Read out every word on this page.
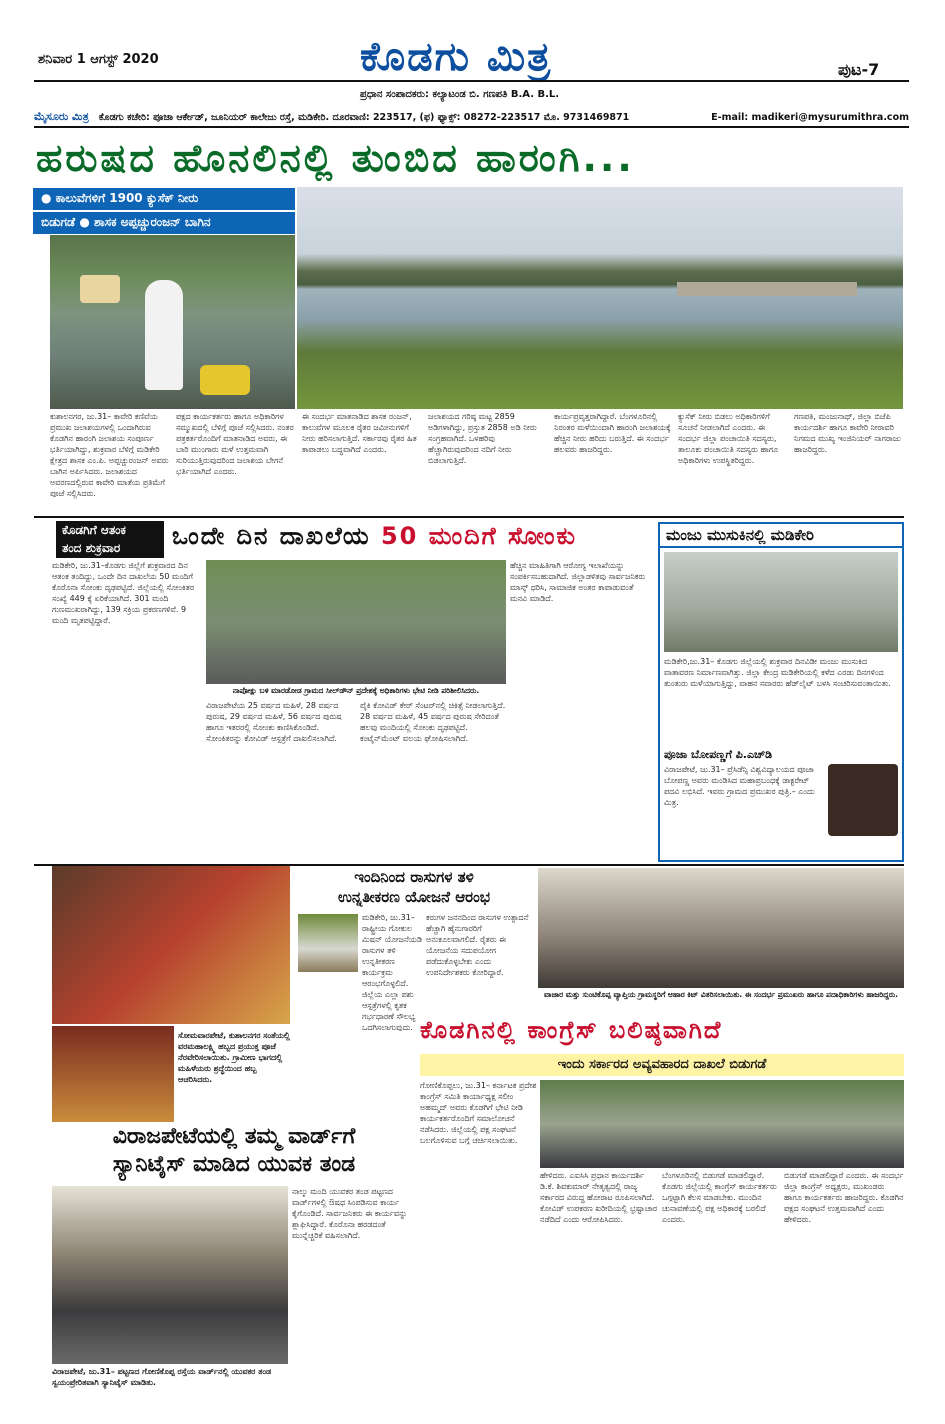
ಶನಿವಾರ 1 ಆಗಸ್ಟ್ 2020	ಕೊಡಗು ಮಿತ್ರ
ಪ್ರಧಾನ ಸಂಪಾದಕರು: ಕಲ್ಯಾಟಂಡ ಬಿ. ಗಣಪತಿ B.A. B.L.
ಪುಟ-7
ಮೈಸೂರು ಮಿತ್ರ ಕೊಡಗು ಕಚೇರಿ: ಪೂಜಾ ಆರ್ಕೇಡ್, ಜೂನಿಯರ್ ಕಾಲೇಜು ರಸ್ತೆ, ಮಡಿಕೇರಿ. ದೂರವಾಣಿ: 223517, (ಫ) ಫ್ಯಾಕ್ಸ್: 08272-223517 ಮೊ. 9731469871	E-mail: madikeri@mysurumithra.com
ಹರುಷದ ಹೊನಲಿನಲ್ಲಿ ತುಂಬಿದ ಹಾರಂಗಿ...
● ಕಾಲುವೆಗಳಿಗೆ 1900 ಕ್ಯುಸೆಕ್ ನೀರು
ಬಿಡುಗಡೆ ● ಶಾಸಕ ಅಪ್ಪಚ್ಚುರಂಜನ್ ಬಾಗಿನ
ಕುಶಾಲನಗರ, ಜು.31– ಕಾವೇರಿ ಕಣಿವೆಯ ಪ್ರಮುಖ ಜಲಾಶಯಗಳಲ್ಲಿ ಒಂದಾಗಿರುವ ಕೊಡಗಿನ ಹಾರಂಗಿ ಜಲಾಶಯ ಸಂಪೂರ್ಣ ಭರ್ತಿಯಾಗಿದ್ದು, ಶುಕ್ರವಾರ ಬೆಳಿಗ್ಗೆ ಮಡಿಕೇರಿ ಕ್ಷೇತ್ರದ ಶಾಸಕ ಎಂ.ಪಿ. ಅಪ್ಪಚ್ಚುರಂಜನ್ ಅವರು ಬಾಗಿನ ಅರ್ಪಿಸಿದರು. ಜಲಾಶಯದ ಅವರಣದಲ್ಲಿರುವ ಕಾವೇರಿ ಮಾತೆಯ ಪ್ರತಿಮೆಗೆ ಪೂಜೆ ಸಲ್ಲಿಸಿದರು.
ಪಕ್ಷದ ಕಾರ್ಯಕರ್ತರು ಹಾಗೂ ಅಧಿಕಾರಿಗಳ ಸಮ್ಮುಖದಲ್ಲಿ ಬೆಳಿಗ್ಗೆ ಪೂಜೆ ಸಲ್ಲಿಸಿದರು. ನಂತರ ಪತ್ರಕರ್ತರೊಂದಿಗೆ ಮಾತನಾಡಿದ ಅವರು, ಈ ಬಾರಿ ಮುಂಗಾರು ಮಳೆ ಉತ್ತಮವಾಗಿ ಸುರಿಯುತ್ತಿರುವುದರಿಂದ ಜಲಾಶಯ ಬೇಗನೆ ಭರ್ತಿಯಾಗಿದೆ ಎಂದರು.
ಈ ಸಂದರ್ಭ ಮಾತನಾಡಿದ ಶಾಸಕ ರಂಜನ್, ಕಾಲುವೆಗಳ ಮೂಲಕ ರೈತರ ಜಮೀನುಗಳಿಗೆ ನೀರು ಹರಿಸಲಾಗುತ್ತಿದೆ. ಸರ್ಕಾರವು ರೈತರ ಹಿತ ಕಾಪಾಡಲು ಬದ್ಧವಾಗಿದೆ ಎಂದರು.
ಜಲಾಶಯದ ಗರಿಷ್ಠ ಮಟ್ಟ 2859 ಅಡಿಗಳಾಗಿದ್ದು, ಪ್ರಸ್ತುತ 2858 ಅಡಿ ನೀರು ಸಂಗ್ರಹವಾಗಿದೆ. ಒಳಹರಿವು ಹೆಚ್ಚಾಗಿರುವುದರಿಂದ ನದಿಗೆ ನೀರು ಬಿಡಲಾಗುತ್ತಿದೆ.
ಕಾರ್ಯಪ್ರವೃತ್ತರಾಗಿದ್ದಾರೆ. ಬೆಂಗಳೂರಿನಲ್ಲಿ ನಿರಂತರ ಮಳೆಯಿಂದಾಗಿ ಹಾರಂಗಿ ಜಲಾಶಯಕ್ಕೆ ಹೆಚ್ಚಿನ ನೀರು ಹರಿದು ಬರುತ್ತಿದೆ. ಈ ಸಂದರ್ಭ ಹಲವರು ಹಾಜರಿದ್ದರು.
ಕ್ಯುಸೆಕ್ ನೀರು ಬಿಡಲು ಅಧಿಕಾರಿಗಳಿಗೆ ಸೂಚನೆ ನೀಡಲಾಗಿದೆ ಎಂದರು. ಈ ಸಂದರ್ಭ ಜಿಲ್ಲಾ ಪಂಚಾಯಿತಿ ಸದಸ್ಯರು, ತಾಲೂಕು ಪಂಚಾಯಿತಿ ಸದಸ್ಯರು ಹಾಗೂ ಅಧಿಕಾರಿಗಳು ಉಪಸ್ಥಿತರಿದ್ದರು.
ಗಣಪತಿ, ಮಂಜುನಾಥ್, ಜಿಲ್ಲಾ ಬಿಜೆಪಿ ಕಾರ್ಯದರ್ಶಿ ಹಾಗೂ ಕಾವೇರಿ ನೀರಾವರಿ ನಿಗಮದ ಮುಖ್ಯ ಇಂಜಿನಿಯರ್ ನಾಗರಾಜು ಹಾಜರಿದ್ದರು.
ಕೊಡಗಿಗೆ ಆತಂಕ
ತಂದ ಶುಕ್ರವಾರ	ಒಂದೇ ದಿನ ದಾಖಲೆಯ 50 ಮಂದಿಗೆ ಸೋಂಕು
ಮಡಿಕೇರಿ, ಜು.31–ಕೊಡಗು ಜಿಲ್ಲೆಗೆ ಶುಕ್ರವಾರದ ದಿನ ಆತಂಕ ತಂದಿದ್ದು, ಒಂದೇ ದಿನ ದಾಖಲೆಯ 50 ಮಂದಿಗೆ ಕೊರೊನಾ ಸೋಂಕು ದೃಢಪಟ್ಟಿದೆ. ಜಿಲ್ಲೆಯಲ್ಲಿ ಸೋಂಕಿತರ ಸಂಖ್ಯೆ 449 ಕ್ಕೆ ಏರಿಕೆಯಾಗಿದೆ. 301 ಮಂದಿ ಗುಣಮುಖರಾಗಿದ್ದು, 139 ಸಕ್ರಿಯ ಪ್ರಕರಣಗಳಿವೆ. 9 ಮಂದಿ ಮೃತಪಟ್ಟಿದ್ದಾರೆ.
ನಾಪೋಕ್ಲು ಬಳಿ ಮಾರಡೋಡ ಗ್ರಾಮದ ಸೀಲ್‌ಡೌನ್ ಪ್ರದೇಶಕ್ಕೆ ಅಧಿಕಾರಿಗಳು ಭೇಟಿ ನೀಡಿ ಪರಿಶೀಲಿಸಿದರು.
ವಿರಾಜಪೇಟೆಯ 25 ವರ್ಷದ ಮಹಿಳೆ, 28 ವರ್ಷದ ಪುರುಷ, 29 ವರ್ಷದ ಮಹಿಳೆ, 56 ವರ್ಷದ ಪುರುಷ ಹಾಗೂ ಇತರರಲ್ಲಿ ಸೋಂಕು ಕಾಣಿಸಿಕೊಂಡಿದೆ. ಸೋಂಕಿತರನ್ನು ಕೋವಿಡ್ ಆಸ್ಪತ್ರೆಗೆ ದಾಖಲಿಸಲಾಗಿದೆ.
ಪೈಕಿ ಕೋವಿಡ್ ಕೇರ್ ಸೆಂಟರ್‌ನಲ್ಲಿ ಚಿಕಿತ್ಸೆ ನೀಡಲಾಗುತ್ತಿದೆ. 28 ವರ್ಷದ ಮಹಿಳೆ, 45 ವರ್ಷದ ಪುರುಷ ಸೇರಿದಂತೆ ಹಲವು ಮಂದಿಯಲ್ಲಿ ಸೋಂಕು ದೃಢಪಟ್ಟಿದೆ. ಕಂಟೈನ್‌ಮೆಂಟ್ ವಲಯ ಘೋಷಿಸಲಾಗಿದೆ.
ಹೆಚ್ಚಿನ ಮಾಹಿತಿಗಾಗಿ ಆರೋಗ್ಯ ಇಲಾಖೆಯನ್ನು ಸಂಪರ್ಕಿಸಬಹುದಾಗಿದೆ. ಜಿಲ್ಲಾಡಳಿತವು ಸಾರ್ವಜನಿಕರು ಮಾಸ್ಕ್ ಧರಿಸಿ, ಸಾಮಾಜಿಕ ಅಂತರ ಕಾಪಾಡುವಂತೆ ಮನವಿ ಮಾಡಿದೆ.
ಮಂಜು ಮುಸುಕಿನಲ್ಲಿ ಮಡಿಕೇರಿ
ಮಡಿಕೇರಿ,ಜು.31– ಕೊಡಗು ಜಿಲ್ಲೆಯಲ್ಲಿ ಶುಕ್ರವಾರ ದಿನವಿಡೀ ಮಂಜು ಮುಸುಕಿದ ವಾತಾವರಣ ನಿರ್ಮಾಣವಾಗಿತ್ತು. ಜಿಲ್ಲಾ ಕೇಂದ್ರ ಮಡಿಕೇರಿಯಲ್ಲಿ ಕಳೆದ ಎರಡು ದಿನಗಳಿಂದ ತುಂತುರು ಮಳೆಯಾಗುತ್ತಿದ್ದು, ವಾಹನ ಸವಾರರು ಹೆಡ್‌ಲೈಟ್ ಬಳಸಿ ಸಂಚರಿಸುವಂತಾಯಿತು.
ಪೂಜಾ ಬೋಪಣ್ಣಗೆ ಪಿ.ಎಚ್‌ಡಿ
ವಿರಾಜಪೇಟೆ, ಜು.31– ಪ್ರೆಸಿಡೆನ್ಸಿ ವಿಶ್ವವಿದ್ಯಾಲಯದ ಪೂಜಾ ಬೋಪಣ್ಣ ಅವರು ಮಂಡಿಸಿದ ಮಹಾಪ್ರಬಂಧಕ್ಕೆ ಡಾಕ್ಟರೇಟ್ ಪದವಿ ಲಭಿಸಿದೆ. ಇವರು ಗ್ರಾಮದ ಪ್ರಮುಖರ ಪುತ್ರಿ.– ಎಂದು ಮಿತ್ರ.
ಸೋಮವಾರಪೇಟೆ, ಕುಶಾಲನಗರ ಸಂತೆಯಲ್ಲಿ ವರಮಹಾಲಕ್ಷ್ಮಿ ಹಬ್ಬದ ಪ್ರಯುಕ್ತ ಪೂಜೆ ನೆರವೇರಿಸಲಾಯಿತು. ಗ್ರಾಮೀಣ ಭಾಗದಲ್ಲಿ ಮಹಿಳೆಯರು ಶ್ರದ್ಧೆಯಿಂದ ಹಬ್ಬ ಆಚರಿಸಿದರು.
ಇಂದಿನಿಂದ ರಾಸುಗಳ ತಳಿ
ಉನ್ನತೀಕರಣ ಯೋಜನೆ ಆರಂಭ
ಮಡಿಕೇರಿ, ಜು.31– ರಾಷ್ಟ್ರೀಯ ಗೋಕುಲ ಮಿಷನ್ ಯೋಜನೆಯಡಿ ರಾಸುಗಳ ತಳಿ ಉನ್ನತೀಕರಣ ಕಾರ್ಯಕ್ರಮ ಆರಂಭಗೊಳ್ಳಲಿದೆ. ಜಿಲ್ಲೆಯ ಎಲ್ಲಾ ಪಶು ಆಸ್ಪತ್ರೆಗಳಲ್ಲಿ ಕೃತಕ ಗರ್ಭಧಾರಣೆ ಸೌಲಭ್ಯ ಒದಗಿಸಲಾಗುವುದು.
ಕರುಗಳ ಜನನದಿಂದ ರಾಸುಗಳ ಉತ್ಪಾದನೆ ಹೆಚ್ಚಾಗಿ ಹೈನುಗಾರರಿಗೆ ಅನುಕೂಲವಾಗಲಿದೆ. ರೈತರು ಈ ಯೋಜನೆಯ ಸದುಪಯೋಗ ಪಡೆದುಕೊಳ್ಳಬೇಕು ಎಂದು ಉಪನಿರ್ದೇಶಕರು ಕೋರಿದ್ದಾರೆ.
ವಾಜಾರ ಮತ್ತು ಸುಂಟಿಕೊಪ್ಪ ವ್ಯಾಪ್ತಿಯ ಗ್ರಾಮಸ್ಥರಿಗೆ ಆಹಾರ ಕಿಟ್ ವಿತರಿಸಲಾಯಿತು. ಈ ಸಂದರ್ಭ ಪ್ರಮುಖರು ಹಾಗೂ ಪದಾಧಿಕಾರಿಗಳು ಹಾಜರಿದ್ದರು.
ಕೊಡಗಿನಲ್ಲಿ ಕಾಂಗ್ರೆಸ್ ಬಲಿಷ್ಠವಾಗಿದೆ
ಇಂದು ಸರ್ಕಾರದ ಅವ್ಯವಹಾರದ ದಾಖಲೆ ಬಿಡುಗಡೆ
ಗೋಣಿಕೊಪ್ಪಲು, ಜು.31– ಕರ್ನಾಟಕ ಪ್ರದೇಶ ಕಾಂಗ್ರೆಸ್ ಸಮಿತಿ ಕಾರ್ಯಾಧ್ಯಕ್ಷ ಸಲೀಂ ಅಹಮ್ಮದ್ ಅವರು ಕೊಡಗಿಗೆ ಭೇಟಿ ನೀಡಿ ಕಾರ್ಯಕರ್ತರೊಂದಿಗೆ ಸಮಾಲೋಚನೆ ನಡೆಸಿದರು. ಜಿಲ್ಲೆಯಲ್ಲಿ ಪಕ್ಷ ಸಂಘಟನೆ ಬಲಗೊಳಿಸುವ ಬಗ್ಗೆ ಚರ್ಚಿಸಲಾಯಿತು.
ಹೇಳಿದರು. ಎಐಸಿಸಿ ಪ್ರಧಾನ ಕಾರ್ಯದರ್ಶಿ ಡಿ.ಕೆ. ಶಿವಕುಮಾರ್ ನೇತೃತ್ವದಲ್ಲಿ ರಾಜ್ಯ ಸರ್ಕಾರದ ವಿರುದ್ಧ ಹೋರಾಟ ರೂಪಿಸಲಾಗಿದೆ. ಕೋವಿಡ್ ಉಪಕರಣ ಖರೀದಿಯಲ್ಲಿ ಭ್ರಷ್ಟಾಚಾರ ನಡೆದಿದೆ ಎಂದು ಆರೋಪಿಸಿದರು.
ಬೆಂಗಳೂರಿನಲ್ಲಿ ಬಿಡುಗಡೆ ಮಾಡಲಿದ್ದಾರೆ. ಕೊಡಗು ಜಿಲ್ಲೆಯಲ್ಲಿ ಕಾಂಗ್ರೆಸ್ ಕಾರ್ಯಕರ್ತರು ಒಗ್ಗಟ್ಟಾಗಿ ಕೆಲಸ ಮಾಡಬೇಕು. ಮುಂದಿನ ಚುನಾವಣೆಯಲ್ಲಿ ಪಕ್ಷ ಅಧಿಕಾರಕ್ಕೆ ಬರಲಿದೆ ಎಂದರು.
ಬಿಡುಗಡೆ ಮಾಡಲಿದ್ದಾರೆ ಎಂದರು. ಈ ಸಂದರ್ಭ ಜಿಲ್ಲಾ ಕಾಂಗ್ರೆಸ್ ಅಧ್ಯಕ್ಷರು, ಮುಖಂಡರು ಹಾಗೂ ಕಾರ್ಯಕರ್ತರು ಹಾಜರಿದ್ದರು. ಕೊಡಗಿನ ಪಕ್ಷದ ಸಂಘಟನೆ ಉತ್ತಮವಾಗಿದೆ ಎಂದು ಹೇಳಿದರು.
ವಿರಾಜಪೇಟೆಯಲ್ಲಿ ತಮ್ಮ ವಾರ್ಡ್‌ಗೆ
ಸ್ಯಾನಿಟೈಸ್ ಮಾಡಿದ ಯುವಕ ತಂಡ
ವಿರಾಜಪೇಟೆ, ಜು.31– ಪಟ್ಟಣದ ಗೋಣಿಕೊಪ್ಪ ರಸ್ತೆಯ ವಾರ್ಡ್‌ನಲ್ಲಿ ಯುವಕರ ತಂಡ ಸ್ವಯಂಪ್ರೇರಿತವಾಗಿ ಸ್ಯಾನಿಟೈಸ್ ಮಾಡಿತು.
ನಾಲ್ಕು ಮಂದಿ ಯುವಕರ ತಂಡ ಪಟ್ಟಣದ ವಾರ್ಡ್‌ಗಳಲ್ಲಿ ಔಷಧ ಸಿಂಪಡಿಸುವ ಕಾರ್ಯ ಕೈಗೊಂಡಿದೆ. ಸಾರ್ವಜನಿಕರು ಈ ಕಾರ್ಯವನ್ನು ಶ್ಲಾಘಿಸಿದ್ದಾರೆ. ಕೊರೊನಾ ಹರಡದಂತೆ ಮುನ್ನೆಚ್ಚರಿಕೆ ವಹಿಸಲಾಗಿದೆ.
